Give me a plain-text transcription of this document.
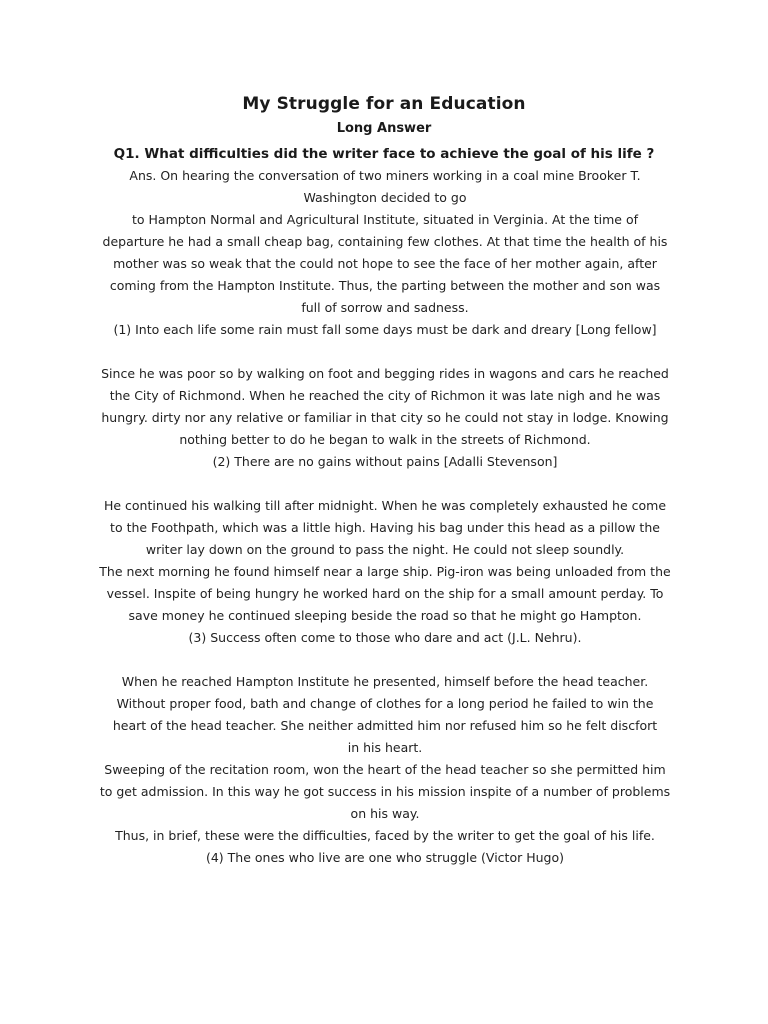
My Struggle for an Education
Long Answer
Q1. What difficulties did the writer face to achieve the goal of his life ?
Ans. On hearing the conversation of two miners working in a coal mine Brooker T.
Washington decided to go
to Hampton Normal and Agricultural Institute, situated in Verginia. At the time of
departure he had a small cheap bag, containing few clothes. At that time the health of his
mother was so weak that the could not hope to see the face of her mother again, after
coming from the Hampton Institute. Thus, the parting between the mother and son was
full of sorrow and sadness.
(1) Into each life some rain must fall some days must be dark and dreary [Long fellow]
Since he was poor so by walking on foot and begging rides in wagons and cars he reached
the City of Richmond. When he reached the city of Richmon it was late nigh and he was
hungry. dirty nor any relative or familiar in that city so he could not stay in lodge. Knowing
nothing better to do he began to walk in the streets of Richmond.
(2) There are no gains without pains [Adalli Stevenson]
He continued his walking till after midnight. When he was completely exhausted he come
to the Foothpath, which was a little high. Having his bag under this head as a pillow the
writer lay down on the ground to pass the night. He could not sleep soundly.
The next morning he found himself near a large ship. Pig-iron was being unloaded from the
vessel. Inspite of being hungry he worked hard on the ship for a small amount perday. To
save money he continued sleeping beside the road so that he might go Hampton.
(3) Success often come to those who dare and act (J.L. Nehru).
When he reached Hampton Institute he presented, himself before the head teacher.
Without proper food, bath and change of clothes for a long period he failed to win the
heart of the head teacher. She neither admitted him nor refused him so he felt discfort
in his heart.
Sweeping of the recitation room, won the heart of the head teacher so she permitted him
to get admission. In this way he got success in his mission inspite of a number of problems
on his way.
Thus, in brief, these were the difficulties, faced by the writer to get the goal of his life.
(4) The ones who live are one who struggle (Victor Hugo)
